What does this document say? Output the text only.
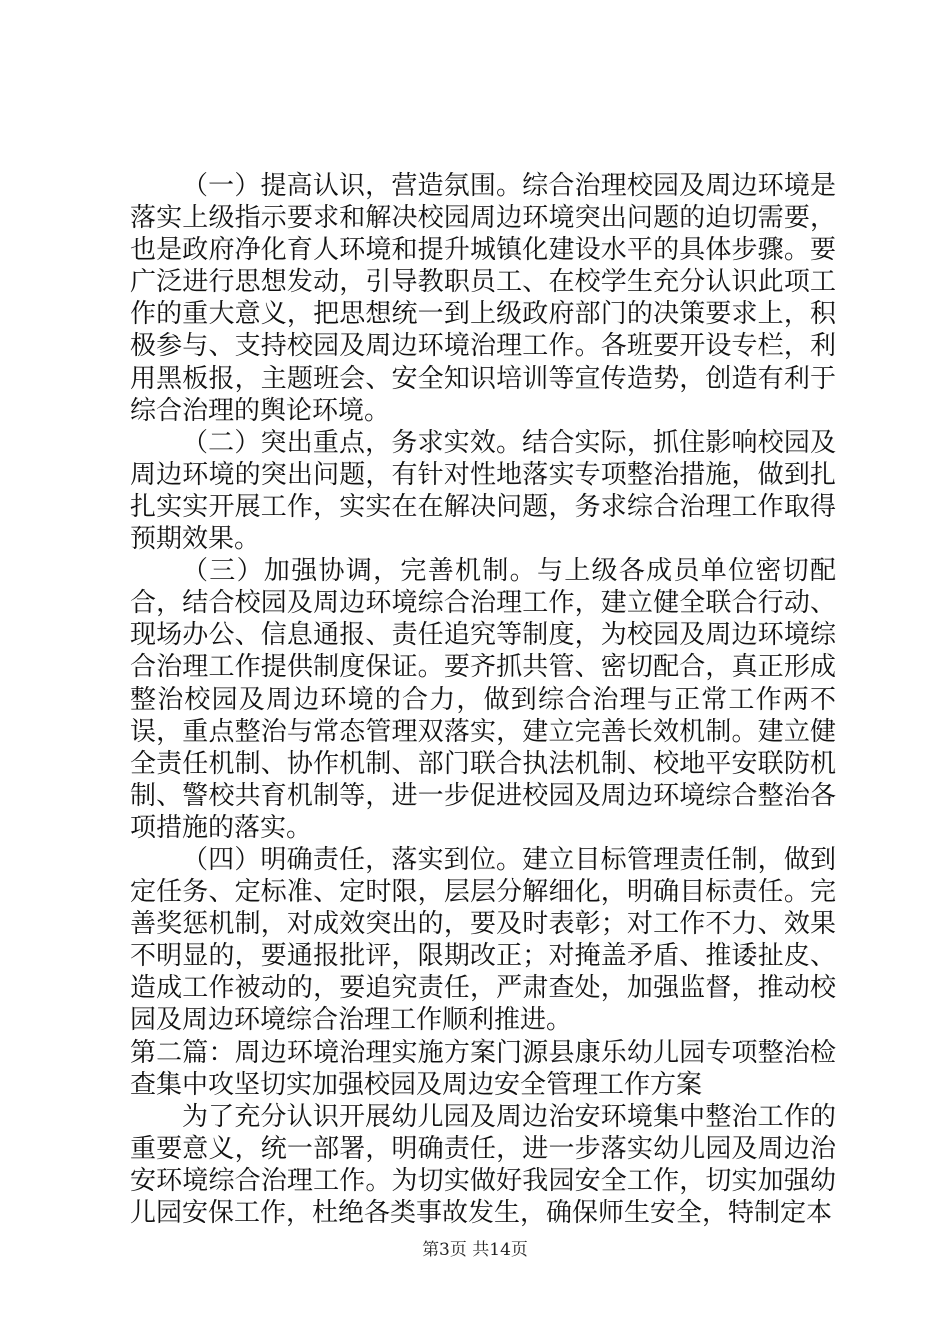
（一）提高认识，营造氛围。综合治理校园及周边环境是落实上级指示要求和解决校园周边环境突出问题的迫切需要，也是政府净化育人环境和提升城镇化建设水平的具体步骤。要广泛进行思想发动，引导教职员工、在校学生充分认识此项工作的重大意义，把思想统一到上级政府部门的决策要求上，积极参与、支持校园及周边环境治理工作。各班要开设专栏，利用黑板报，主题班会、安全知识培训等宣传造势，创造有利于综合治理的舆论环境。

（二）突出重点，务求实效。结合实际，抓住影响校园及周边环境的突出问题，有针对性地落实专项整治措施，做到扎扎实实开展工作，实实在在解决问题，务求综合治理工作取得预期效果。

（三）加强协调，完善机制。与上级各成员单位密切配合，结合校园及周边环境综合治理工作，建立健全联合行动、现场办公、信息通报、责任追究等制度，为校园及周边环境综合治理工作提供制度保证。要齐抓共管、密切配合，真正形成整治校园及周边环境的合力，做到综合治理与正常工作两不误，重点整治与常态管理双落实，建立完善长效机制。建立健全责任机制、协作机制、部门联合执法机制、校地平安联防机制、警校共育机制等，进一步促进校园及周边环境综合整治各项措施的落实。

（四）明确责任，落实到位。建立目标管理责任制，做到定任务、定标准、定时限，层层分解细化，明确目标责任。完善奖惩机制，对成效突出的，要及时表彰；对工作不力、效果不明显的，要通报批评，限期改正；对掩盖矛盾、推诿扯皮、造成工作被动的，要追究责任，严肃查处，加强监督，推动校园及周边环境综合治理工作顺利推进。

第二篇：周边环境治理实施方案门源县康乐幼儿园专项整治检查集中攻坚切实加强校园及周边安全管理工作方案

为了充分认识开展幼儿园及周边治安环境集中整治工作的重要意义，统一部署，明确责任，进一步落实幼儿园及周边治安环境综合治理工作。为切实做好我园安全工作，切实加强幼儿园安保工作，杜绝各类事故发生，确保师生安全，特制定本

第3页 共14页
